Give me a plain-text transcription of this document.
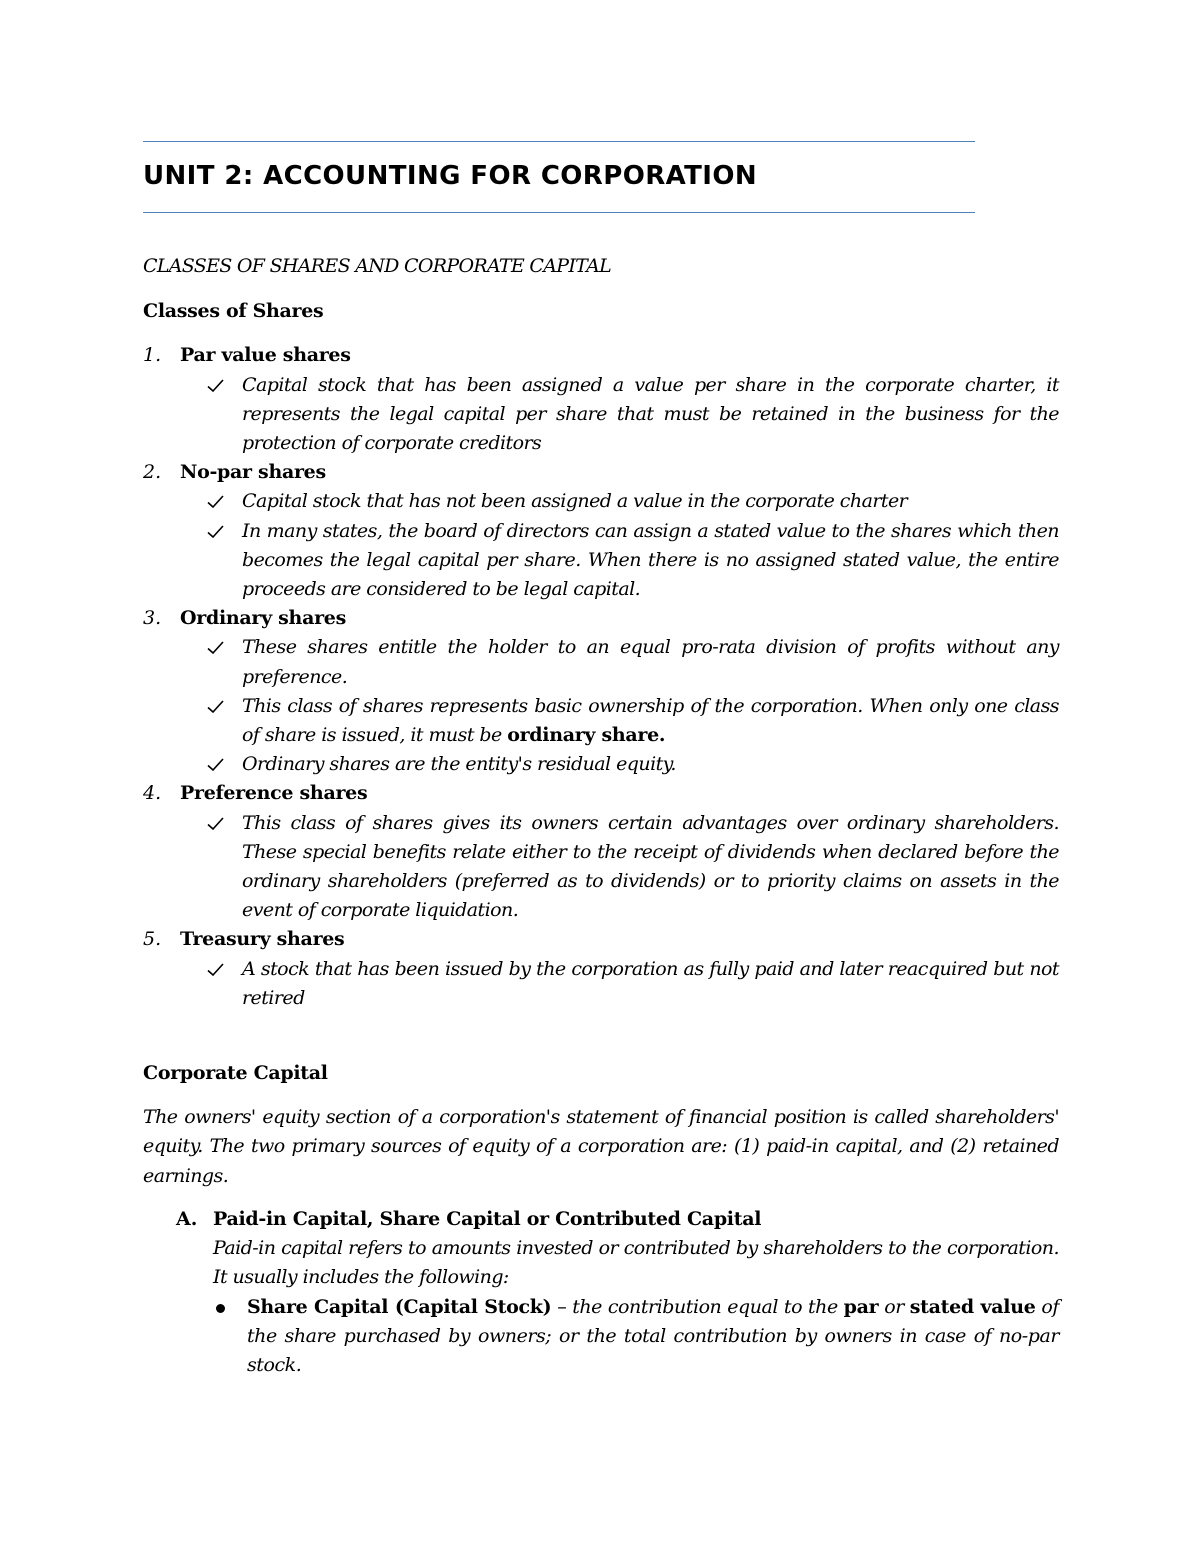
UNIT 2: ACCOUNTING FOR CORPORATION

CLASSES OF SHARES AND CORPORATE CAPITAL

Classes of Shares

1. Par value shares
Capital stock that has been assigned a value per share in the corporate charter, it represents the legal capital per share that must be retained in the business for the protection of corporate creditors
2. No-par shares
Capital stock that has not been assigned a value in the corporate charter
In many states, the board of directors can assign a stated value to the shares which then becomes the legal capital per share. When there is no assigned stated value, the entire proceeds are considered to be legal capital.
3. Ordinary shares
These shares entitle the holder to an equal pro-rata division of profits without any preference.
This class of shares represents basic ownership of the corporation. When only one class of share is issued, it must be ordinary share.
Ordinary shares are the entity's residual equity.
4. Preference shares
This class of shares gives its owners certain advantages over ordinary shareholders. These special benefits relate either to the receipt of dividends when declared before the ordinary shareholders (preferred as to dividends) or to priority claims on assets in the event of corporate liquidation.
5. Treasury shares
A stock that has been issued by the corporation as fully paid and later reacquired but not retired

Corporate Capital

The owners' equity section of a corporation's statement of financial position is called shareholders' equity. The two primary sources of equity of a corporation are: (1) paid-in capital, and (2) retained earnings.

A. Paid-in Capital, Share Capital or Contributed Capital

Paid-in capital refers to amounts invested or contributed by shareholders to the corporation. It usually includes the following:

Share Capital (Capital Stock) – the contribution equal to the par or stated value of the share purchased by owners; or the total contribution by owners in case of no-par stock.
